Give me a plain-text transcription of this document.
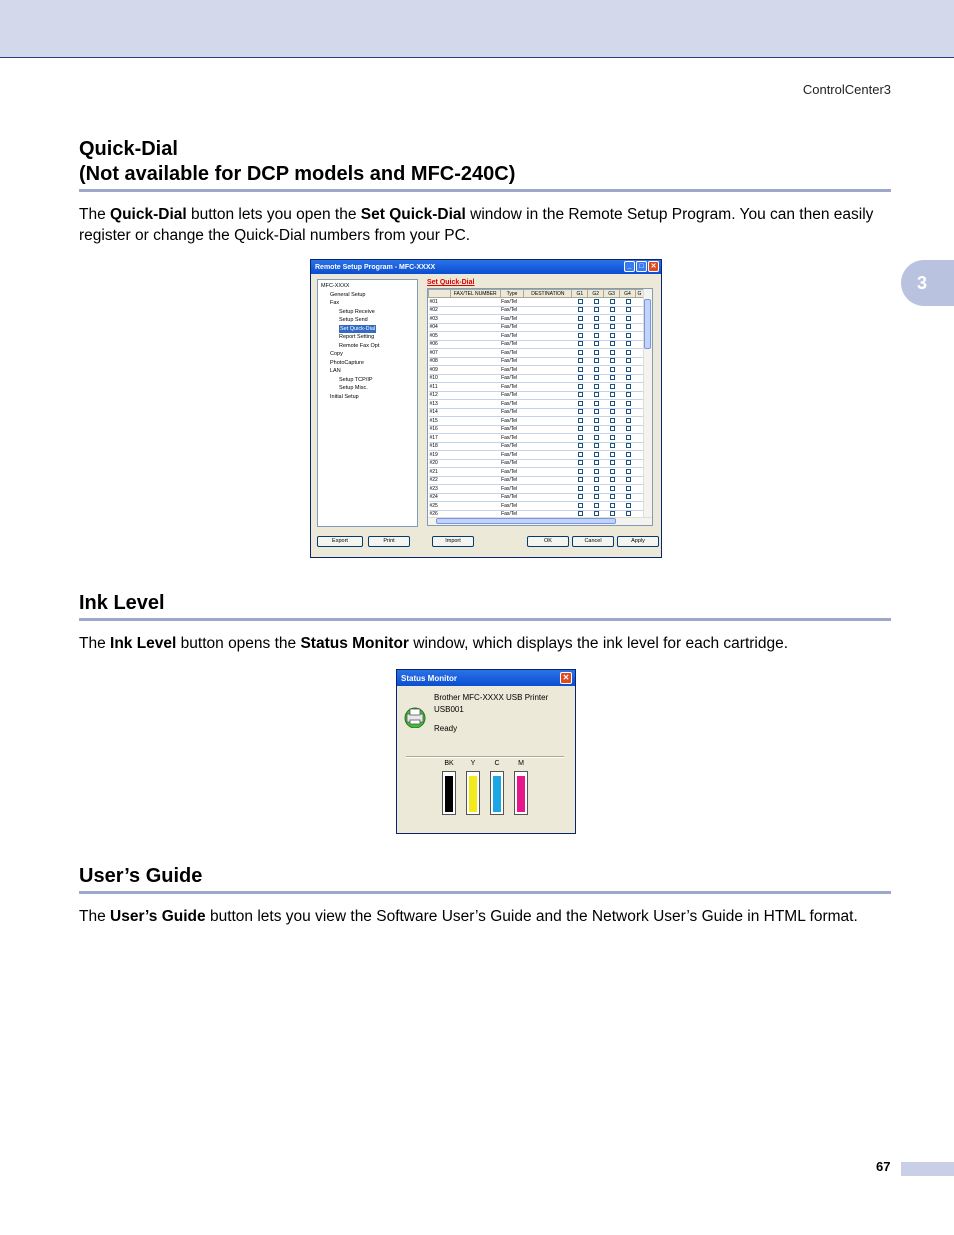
ControlCenter3
3
Quick-Dial
(Not available for DCP models and MFC-240C)

The Quick-Dial button lets you open the Set Quick-Dial window in the Remote Setup Program. You can then easily register or change the Quick-Dial numbers from your PC.

Remote Setup Program - MFC-XXXX	_	□ ✕
MFC-XXXX
General Setup
Fax
Setup Receive
Setup Send
Set Quick-Dial
Report Setting
Remote Fax Opt
Copy
PhotoCapture
LAN
Setup TCP/IP
Setup Misc.
Initial Setup
Set Quick-Dial
	FAX/TEL NUMBER	Type	DESTINATION	G1	G2	G3	G4	G
#01		Fax/Tel						
#02		Fax/Tel						
#03		Fax/Tel						
#04		Fax/Tel						
#05		Fax/Tel						
#06		Fax/Tel						
#07		Fax/Tel						
#08		Fax/Tel						
#09		Fax/Tel						
#10		Fax/Tel						
#11		Fax/Tel						
#12		Fax/Tel						
#13		Fax/Tel						
#14		Fax/Tel						
#15		Fax/Tel						
#16		Fax/Tel						
#17		Fax/Tel						
#18		Fax/Tel						
#19		Fax/Tel						
#20		Fax/Tel						
#21		Fax/Tel						
#22		Fax/Tel						
#23		Fax/Tel						
#24		Fax/Tel						
#25		Fax/Tel						
#26		Fax/Tel						
Export	Print	Import	OK	Cancel	Apply
Ink Level

The Ink Level button opens the Status Monitor window, which displays the ink level for each cartridge.

Status Monitor	✕
Brother MFC-XXXX USB Printer
USB001
Ready
BK	Y	C	M
User’s Guide

The User’s Guide button lets you view the Software User’s Guide and the Network User’s Guide in HTML format.

67
